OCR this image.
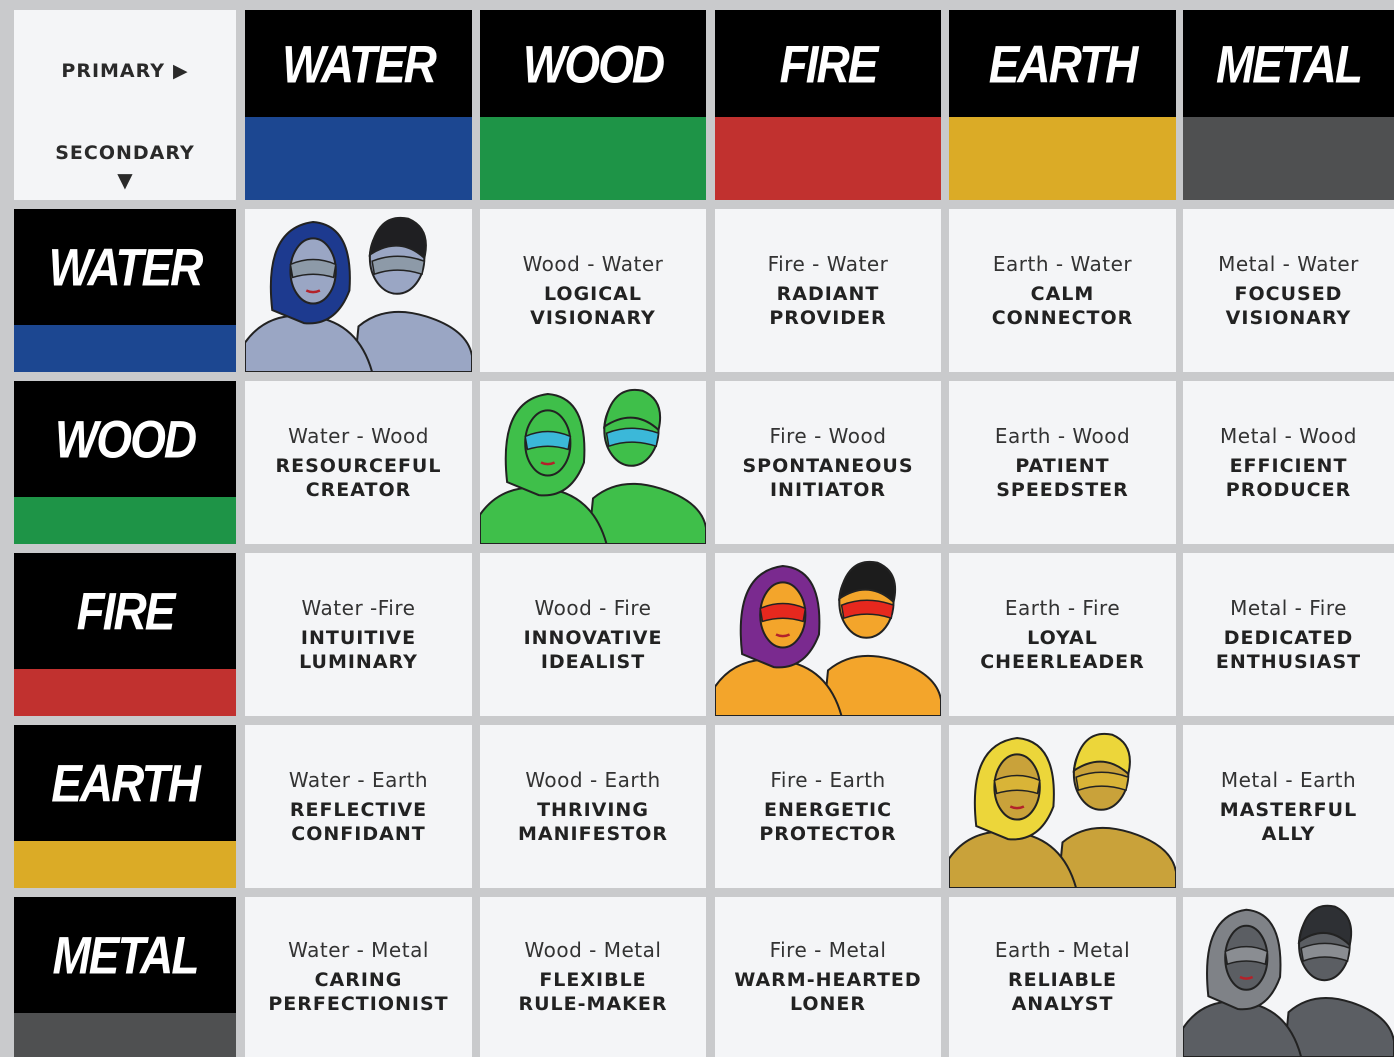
PRIMARY ▶
SECONDARY
▼
WATER WOOD	FIRE EARTH METAL
WATER
WOOD
FIRE
EARTH
METAL
Wood - Water
LOGICAL
VISIONARY
Fire - Water
RADIANT
PROVIDER
Earth - Water
CALM
CONNECTOR
Metal - Water
FOCUSED
VISIONARY
Water - Wood
RESOURCEFUL
CREATOR
Fire - Wood
SPONTANEOUS
INITIATOR
Earth - Wood
PATIENT
SPEEDSTER
Metal - Wood
EFFICIENT
PRODUCER
Water -Fire
INTUITIVE
LUMINARY
Wood - Fire
INNOVATIVE
IDEALIST
Earth - Fire
LOYAL
CHEERLEADER
Metal - Fire
DEDICATED
ENTHUSIAST
Water - Earth
REFLECTIVE
CONFIDANT
Wood - Earth
THRIVING
MANIFESTOR
Fire - Earth
ENERGETIC
PROTECTOR
Metal - Earth
MASTERFUL
ALLY
Water - Metal
CARING
PERFECTIONIST
Wood - Metal
FLEXIBLE
RULE-MAKER
Fire - Metal
WARM-HEARTED
LONER
Earth - Metal
RELIABLE
ANALYST
